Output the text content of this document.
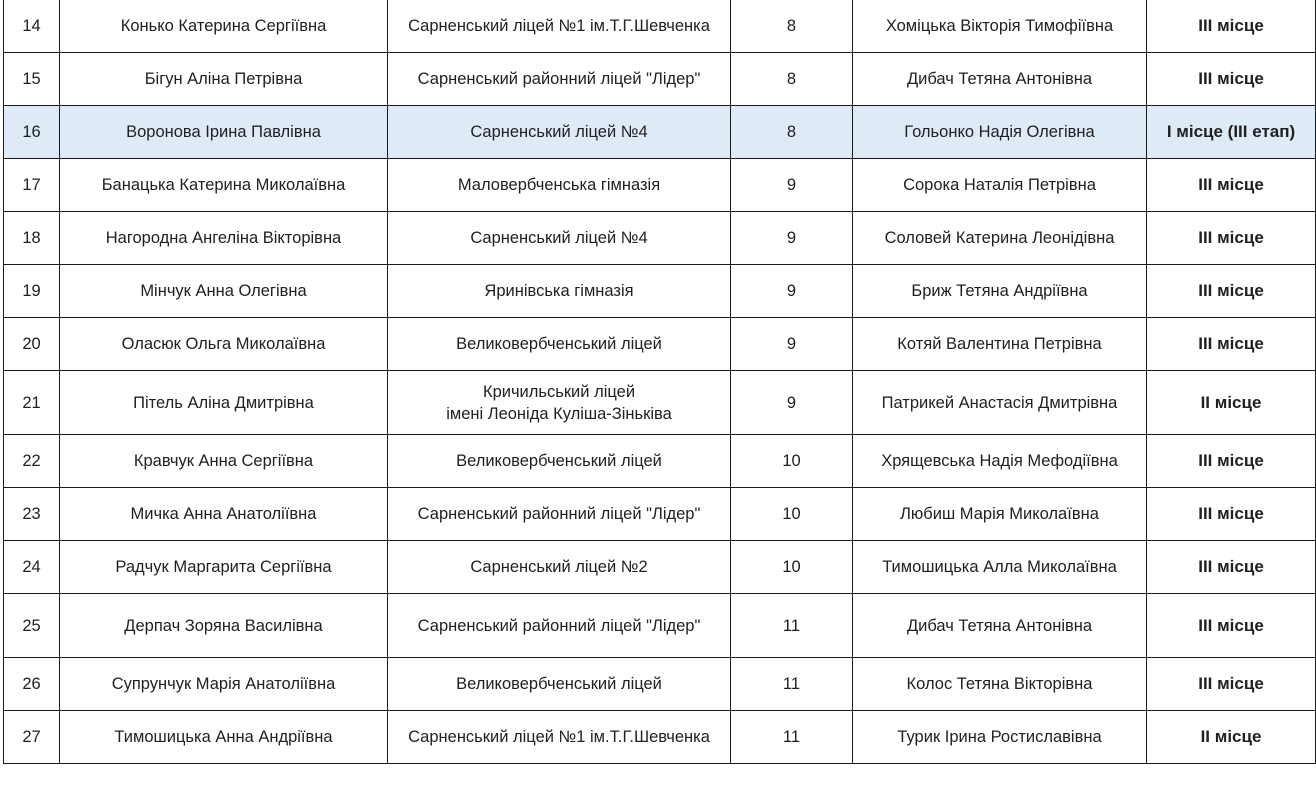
14	Конько Катерина Сергіївна	Сарненський ліцей №1 ім.Т.Г.Шевченка	8	Хоміцька Вікторія Тимофіївна	III місце
15	Бігун Аліна Петрівна	Сарненський районний ліцей "Лідер"	8	Дибач Тетяна Антонівна	III місце
16	Воронова Ірина Павлівна	Сарненський ліцей №4	8	Гольонко Надія Олегівна	I місце (III етап)
17	Банацька Катерина Миколаївна	Маловербченська гімназія	9	Сорока Наталія Петрівна	III місце
18	Нагородна Ангеліна Вікторівна	Сарненський ліцей №4	9	Соловей Катерина Леонідівна	III місце
19	Мінчук Анна Олегівна	Яринівська гімназія	9	Бриж Тетяна Андріївна	III місце
20	Оласюк Ольга Миколаївна	Великовербченський ліцей	9	Котяй Валентина Петрівна	III місце
21	Пітель Аліна Дмитрівна	Кричильський ліцей
імені Леоніда Куліша-Зіньківа	9	Патрикей Анастасія Дмитрівна	II місце
22	Кравчук Анна Сергіївна	Великовербченський ліцей	10	Хрящевська Надія Мефодіївна	III місце
23	Мичка Анна Анатоліївна	Сарненський районний ліцей "Лідер"	10	Любиш Марія Миколаївна	III місце
24	Радчук Маргарита Сергіївна	Сарненський ліцей №2	10	Тимошицька Алла Миколаївна	III місце
25	Дерпач Зоряна Василівна	Сарненський районний ліцей "Лідер"	11	Дибач Тетяна Антонівна	III місце
26	Супрунчук Марія Анатоліївна	Великовербченський ліцей	11	Колос Тетяна Вікторівна	III місце
27	Тимошицька Анна Андріївна	Сарненський ліцей №1 ім.Т.Г.Шевченка	11	Турик Ірина Ростиславівна	II місце
